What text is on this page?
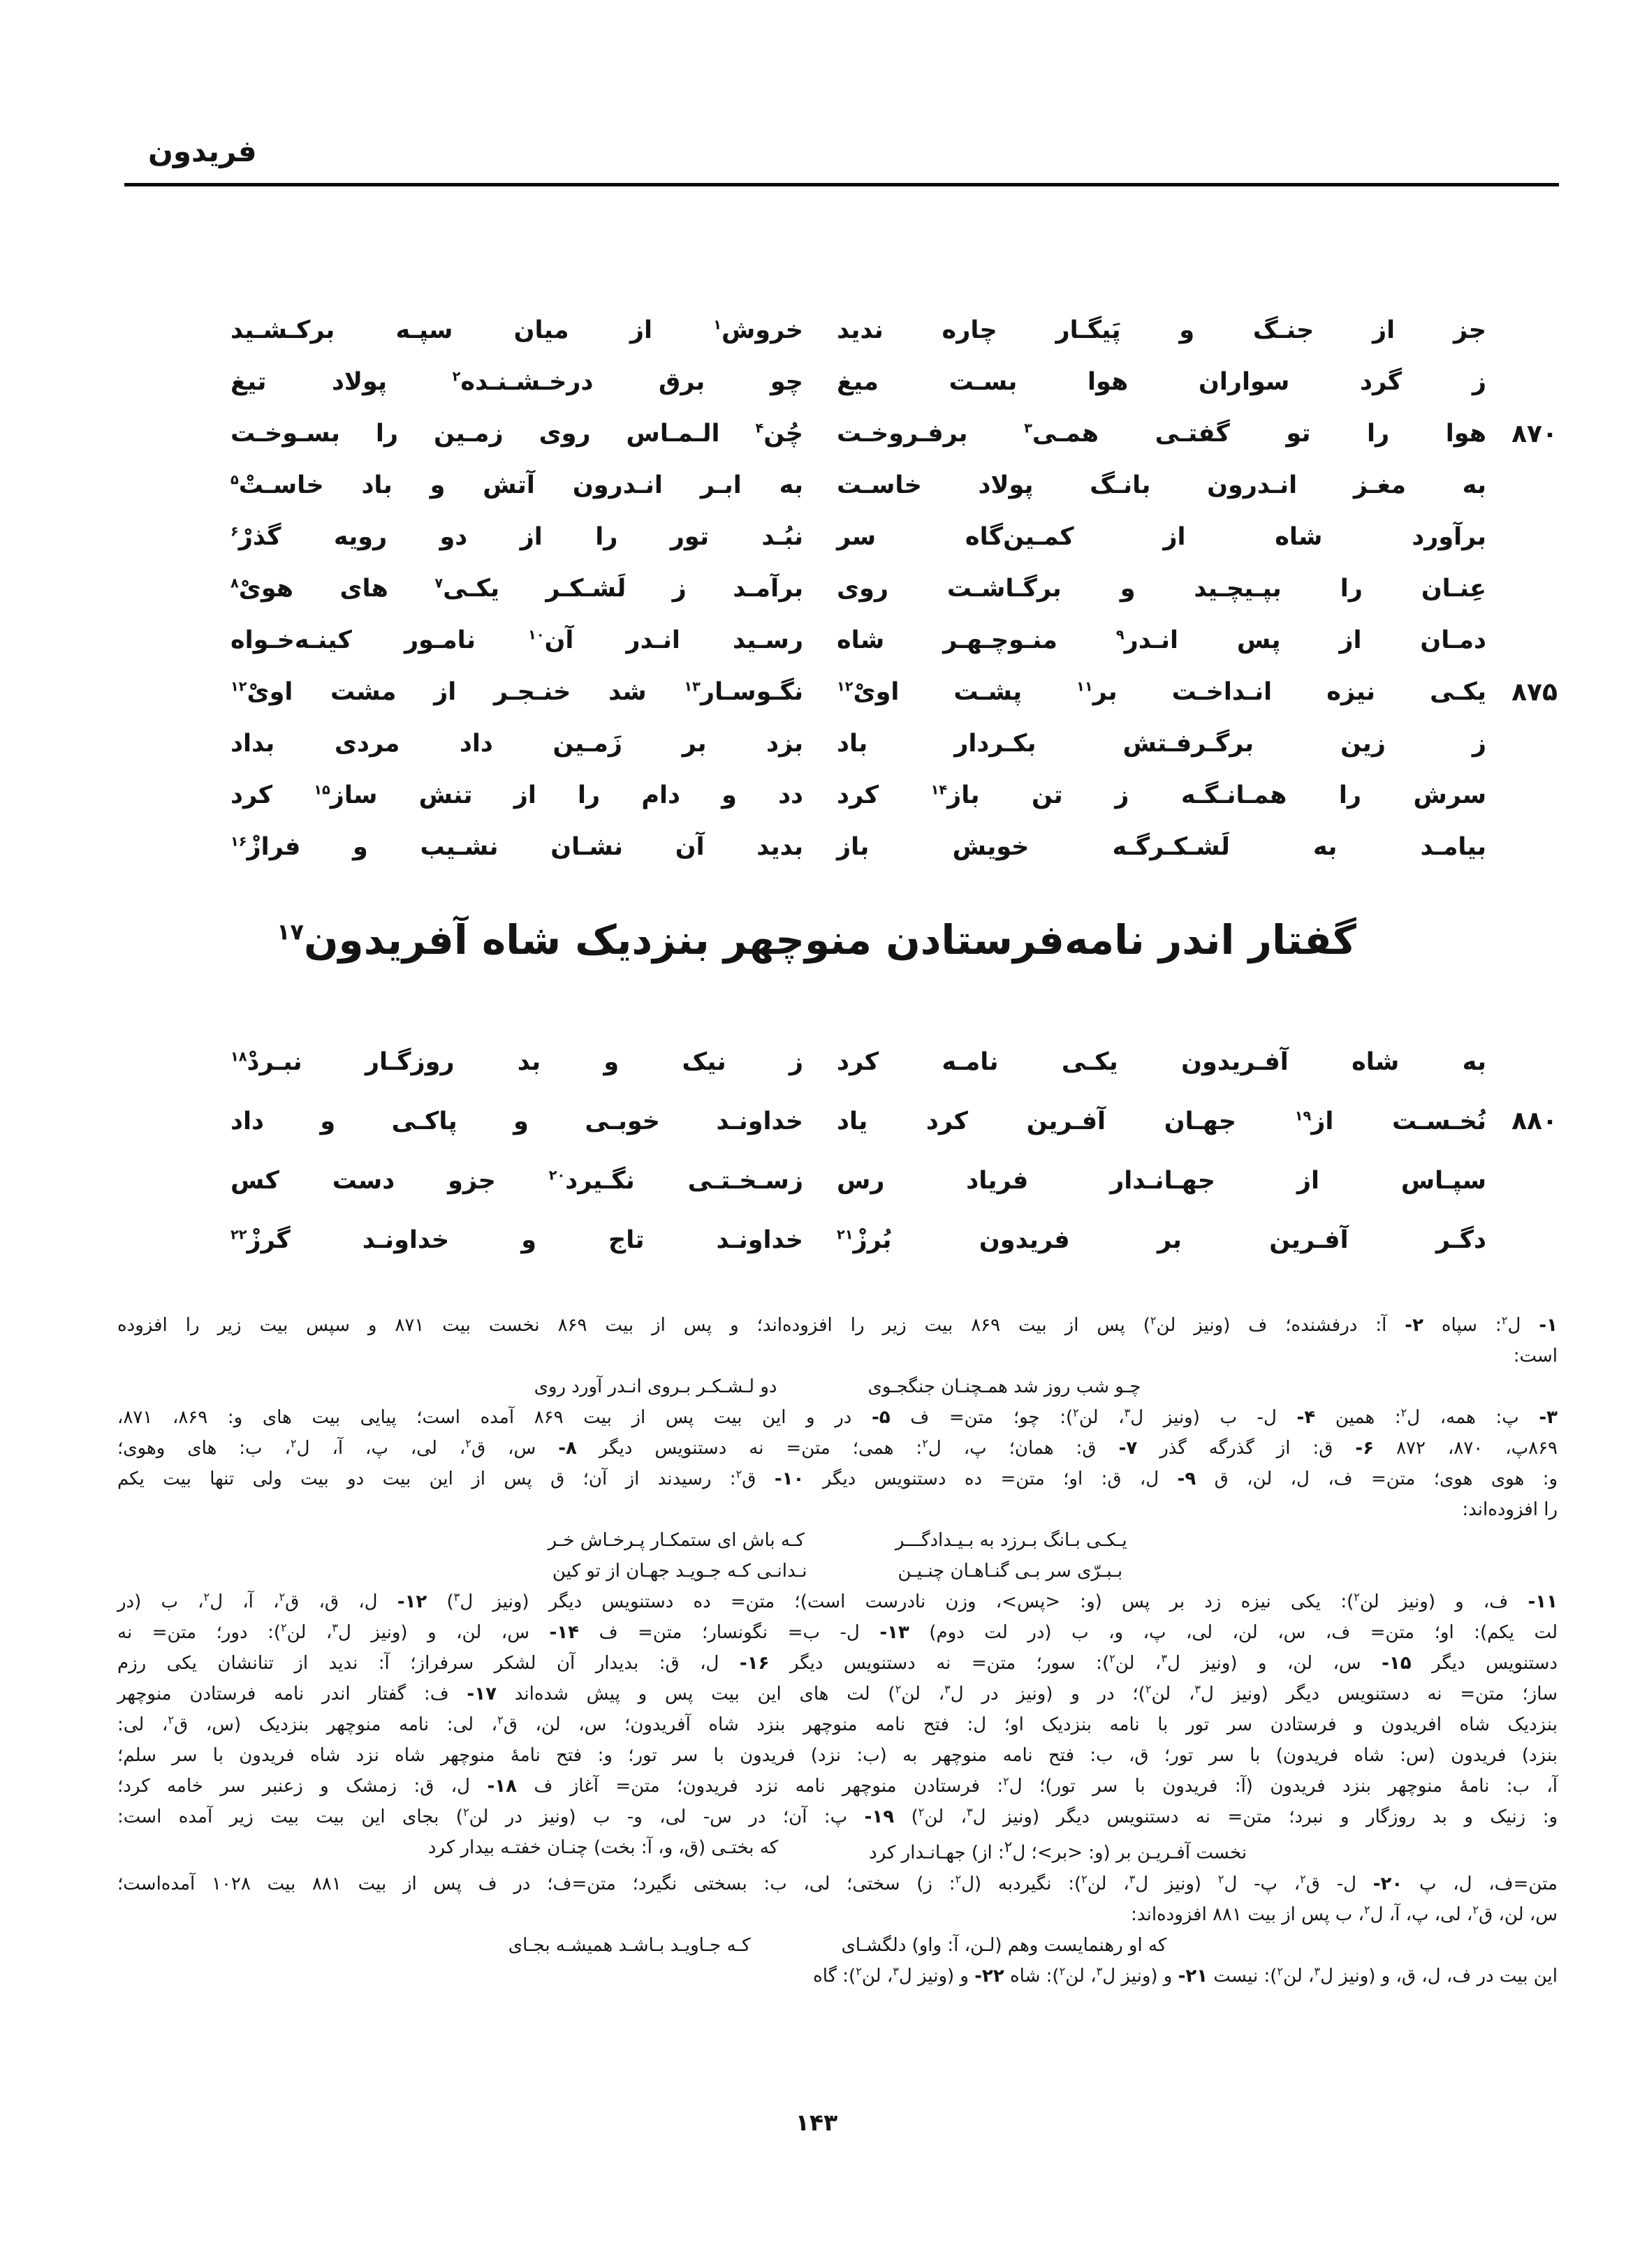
فریدون
جز از جنـگ و پَیگـار چاره ندید
خروش$^۱$ از میان سپـه برکـشـید
ز گرد سواران هوا بسـت میغ
چو برق درخـشـنـده$^۲$ پولاد تیغ
۸۷۰
هوا را تو گفتـی همـی$^۳$ برفـروخـت
چُن$^۴$ الـمـاس روی زمـین را بسـوخـت
به مغـز انـدرون بانـگ پولاد خاسـت
به ابـر انـدرون آتش و باد خاسـتْ$^۵$
برآورد شاه از کمـین‌گاه سر
نبُـد تور را از دو رویه گذرْ$^۶$
عِنـان را بپـیچـید و برگـاشـت روی
برآمـد ز لَشـکـر یکـی$^۷$ های هویْ$^۸$
دمـان از پس انـدر$^۹$ منـوچـهـر شاه
رسـید انـدر آن$^{۱۰}$ نامـور کینـه‌خـواه
۸۷۵
یکـی نیزه انـداخـت بر$^{۱۱}$ پشـت اویْ$^{۱۲}$
نگـوسـار$^{۱۳}$ شد خنـجـر از مشت اویْ$^{۱۲}$
ز زین برگـرفـتش بکـردار باد
بزد بر زَمـین داد مردی بداد
سرش را همـانـگـه ز تن باز$^{۱۴}$ کرد
دد و دام را از تنش ساز$^{۱۵}$ کرد
بیامـد به لَشـکـرگـه خویش باز
بدید آن نشـان نشـیب و فرازْ$^{۱۶}$
گفتار اندر نامه‌فرستادن منوچهر بنزدیک شاه آفریدون$^{۱۷}$
به شاه آفـریدون یکـی نامـه کرد
ز نیک و بد روزگـار نبـردْ$^{۱۸}$
۸۸۰
نُخـسـت از$^{۱۹}$ جهـان آفـرین کرد یاد
خداونـد خوبـی و پاکـی و داد
سپـاس از جهـانـدار فریاد رس
زسـخـتـی نگـیرد$^{۲۰}$ جزو دست کس
دگـر آفـرین بر فریدون بُرزْ$^{۲۱}$
خداونـد تاج و خداونـد گرزْ$^{۲۲}$
۱- ل$^۲$: سپاه ۲- آ: درفشنده؛ ف (ونیز لن$^۲$) پس از بیت ۸۶۹ بیت زیر را افزوده‌اند؛ و پس از بیت ۸۶۹ نخست بیت ۸۷۱ و سپس بیت زیر را افزوده
است:
چـو شب روز شد همـچنـان جنگجـوی
دو لـشـکـر بـروی انـدر آورد روی
۳- پ: همه، ل$^۲$: همین ۴- ل- ب (ونیز ل$^۳$، لن$^۲$): چو؛ متن= ف ۵- در و این بیت پس از بیت ۸۶۹ آمده است؛ پیایی بیت های و: ۸۶۹، ۸۷۱،
۸۶۹پ، ۸۷۰، ۸۷۲ ۶- ق: از گذرگه گذر ۷- ق: همان؛ پ، ل$^۲$: همی؛ متن= نه دستنویس دیگر ۸- س، ق$^۲$، لی، پ، آ، ل$^۲$، ب: های وهوی؛
و: هوی هوی؛ متن= ف، ل، لن، ق ۹- ل، ق: او؛ متن= ده دستنویس دیگر ۱۰- ق$^۲$: رسیدند از آن؛ ق پس از این بیت دو بیت ولی تنها بیت یکم
را افزوده‌اند:
یـکـی بـانگ بـرزد به بـیـدادگـــر
کـه باش ای ستمکـار پـرخـاش خـر
بـبـرّی سر بـی گنـاهـان چنـیـن
نـدانـی کـه جـویـد جهـان از تو کین
۱۱- ف، و (ونیز لن$^۲$): یکی نیزه زد بر پس (و: <پس>، وزن نادرست است)؛ متن= ده دستنویس دیگر (ونیز ل$^۳$) ۱۲- ل، ق، ق$^۲$، آ، ل$^۲$، ب (در
لت یکم): او؛ متن= ف، س، لن، لی، پ، و، ب (در لت دوم) ۱۳- ل- ب= نگونسار؛ متن= ف ۱۴- س، لن، و (ونیز ل$^۳$، لن$^۲$): دور؛ متن= نه
دستنویس دیگر ۱۵- س، لن، و (ونیز ل$^۳$، لن$^۲$): سور؛ متن= نه دستنویس دیگر ۱۶- ل، ق: بدیدار آن لشکر سرفراز؛ آ: ندید از تنانشان یکی رزم
ساز؛ متن= نه دستنویس دیگر (ونیز ل$^۳$، لن$^۲$)؛ در و (ونیز در ل$^۳$، لن$^۲$) لت های این بیت پس و پیش شده‌اند ۱۷- ف: گفتار اندر نامه فرستادن منوچهر
بنزدیک شاه افریدون و فرستادن سر تور با نامه بنزدیک او؛ ل: فتح نامه منوچهر بنزد شاه آفریدون؛ س، لن، ق$^۲$، لی: نامه منوچهر بنزدیک (س، ق$^۲$، لی:
بنزد) فریدون (س: شاه فریدون) با سر تور؛ ق، ب: فتح نامه منوچهر به (ب: نزد) فریدون با سر تور؛ و: فتح نامۀ منوچهر شاه نزد شاه فریدون با سر سلم؛
آ، ب: نامۀ منوچهر بنزد فریدون (آ: فریدون با سر تور)؛ ل$^۲$: فرستادن منوچهر نامه نزد فریدون؛ متن= آغاز ف ۱۸- ل، ق: زمشک و زعنبر سر خامه کرد؛
و: زنیک و بد روزگار و نبرد؛ متن= نه دستنویس دیگر (ونیز ل$^۳$، لن$^۲$) ۱۹- پ: آن؛ در س- لی، و- ب (ونیز در لن$^۲$) بجای این بیت بیت زیر آمده است:
نخست آفـریـن بر (و: <بر>؛ ل$^۲$: از) جهـانـدار کرد
که بختـی (ق، و، آ: بخت) چنـان خفتـه بیدار کرد
متن=ف، ل، پ ۲۰- ل- ق$^۲$، پ- ل$^۲$ (ونیز ل$^۳$، لن$^۲$): نگیردبه (ل$^۲$: ز) سختی؛ لی، ب: بسختی نگیرد؛ متن=ف؛ در ف پس از بیت ۸۸۱ بیت ۱۰۲۸ آمده‌است؛
س، لن، ق$^۲$، لی، پ، آ، ل$^۲$، ب پس از بیت ۸۸۱ افزوده‌اند:
که او رهنمایست وهم (لـن، آ: واو) دلگشـای
کـه جـاویـد بـاشـد همیشـه بجـای
این بیت در ف، ل، ق، و (ونیز ل$^۳$، لن$^۲$): نیست ۲۱- و (ونیز ل$^۳$، لن$^۲$): شاه ۲۲- و (ونیز ل$^۳$، لن$^۲$): گاه
۱۴۳
